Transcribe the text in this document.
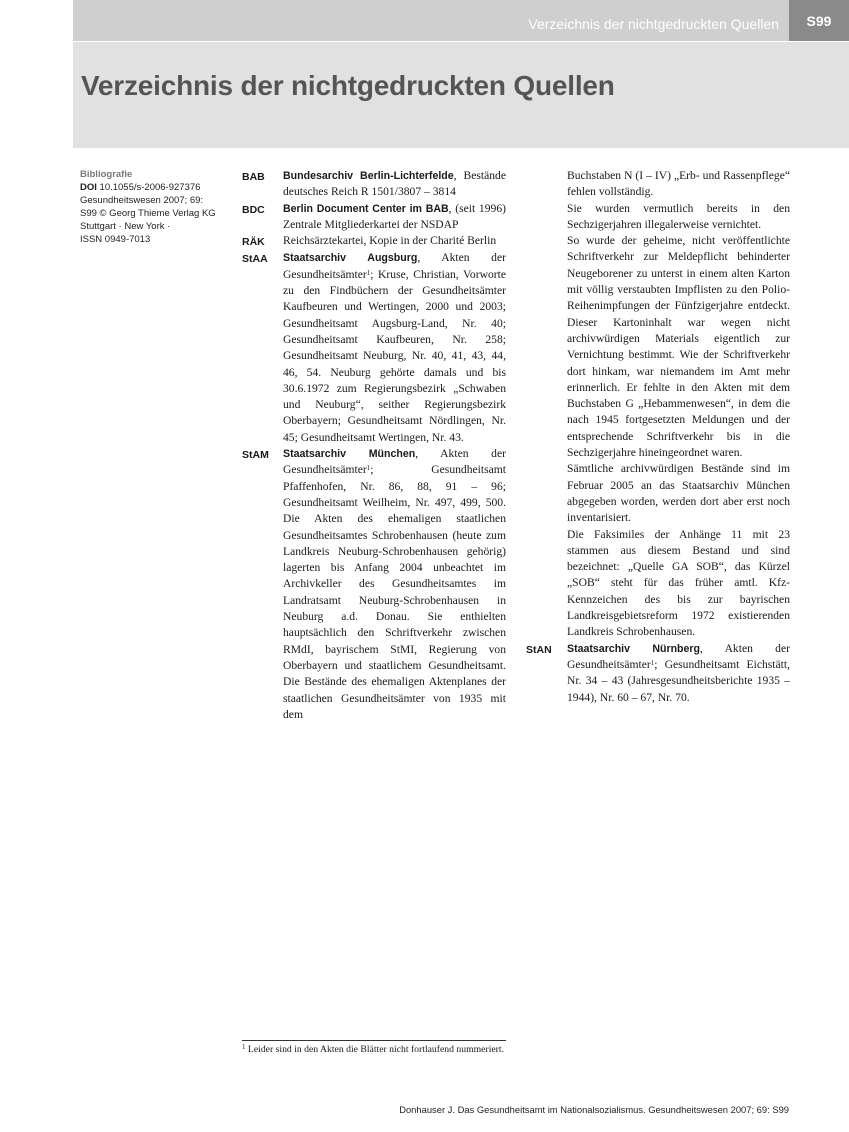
Verzeichnis der nichtgedruckten Quellen S99
Verzeichnis der nichtgedruckten Quellen
Bibliografie
DOI 10.1055/s-2006-927376
Gesundheitswesen 2007; 69:
S99 © Georg Thieme Verlag KG
Stuttgart · New York ·
ISSN 0949-7013
BAB	Bundesarchiv Berlin-Lichterfelde, Bestände deutsches Reich R 1501/3807 – 3814
BDC	Berlin Document Center im BAB, (seit 1996) Zentrale Mitgliederkartei der NSDAP
RÄK	Reichsärztekartei, Kopie in der Charité Berlin
StAA	Staatsarchiv Augsburg, Akten der Gesundheitsämter$^1$; Kruse, Christian, Vorworte zu den Findbüchern der Gesundheitsämter Kaufbeuren und Wertingen, 2000 und 2003; Gesundheitsamt Augsburg-Land, Nr. 40; Gesundheitsamt Kaufbeuren, Nr. 258; Gesundheitsamt Neuburg, Nr. 40, 41, 43, 44, 46, 54. Neuburg gehörte damals und bis 30.6.1972 zum Regierungsbezirk „Schwaben und Neuburg“, seither Regierungsbezirk Oberbayern; Gesundheitsamt Nördlingen, Nr. 45; Gesundheitsamt Wertingen, Nr. 43.
StAM	Staatsarchiv München, Akten der Gesundheitsämter$^1$; Gesundheitsamt Pfaffenhofen, Nr. 86, 88, 91 – 96; Gesundheitsamt Weilheim, Nr. 497, 499, 500. Die Akten des ehemaligen staatlichen Gesundheitsamtes Schrobenhausen (heute zum Landkreis Neuburg-Schrobenhausen gehörig) lagerten bis Anfang 2004 unbeachtet im Archivkeller des Gesundheitsamtes im Landratsamt Neuburg-Schrobenhausen in Neuburg a.d. Donau. Sie enthielten hauptsächlich den Schriftverkehr zwischen RMdI, bayrischem StMI, Regierung von Oberbayern und staatlichem Gesundheitsamt. Die Bestände des ehemaligen Aktenplanes der staatlichen Gesundheitsämter von 1935 mit dem

Buchstaben N (I – IV) „Erb- und Rassenpflege“ fehlen vollständig.

Sie wurden vermutlich bereits in den Sechzigerjahren illegalerweise vernichtet.

So wurde der geheime, nicht veröffentlichte Schriftverkehr zur Meldepflicht behinderter Neugeborener zu unterst in einem alten Karton mit völlig verstaubten Impflisten zu den Polio-Reihenimpfungen der Fünfzigerjahre entdeckt. Dieser Kartoninhalt war wegen nicht archivwürdigen Materials eigentlich zur Vernichtung bestimmt. Wie der Schriftverkehr dort hinkam, war niemandem im Amt mehr erinnerlich. Er fehlte in den Akten mit dem Buchstaben G „Hebammenwesen“, in dem die nach 1945 fortgesetzten Meldungen und der entsprechende Schriftverkehr bis in die Sechzigerjahre hineingeordnet waren.

Sämtliche archivwürdigen Bestände sind im Februar 2005 an das Staatsarchiv München abgegeben worden, werden dort aber erst noch inventarisiert.

Die Faksimiles der Anhänge 11 mit 23 stammen aus diesem Bestand und sind bezeichnet: „Quelle GA SOB“, das Kürzel „SOB“ steht für das früher amtl. Kfz-Kennzeichen des bis zur bayrischen Landkreisgebietsreform 1972 existierenden Landkreis Schrobenhausen.

StAN	Staatsarchiv Nürnberg, Akten der Gesundheitsämter$^1$; Gesundheitsamt Eichstätt, Nr. 34 – 43 (Jahresgesundheitsberichte 1935 – 1944), Nr. 60 – 67, Nr. 70.
$^1$ Leider sind in den Akten die Blätter nicht fortlaufend nummeriert.
Donhauser J. Das Gesundheitsamt im Nationalsozialismus. Gesundheitswesen 2007; 69: S99
